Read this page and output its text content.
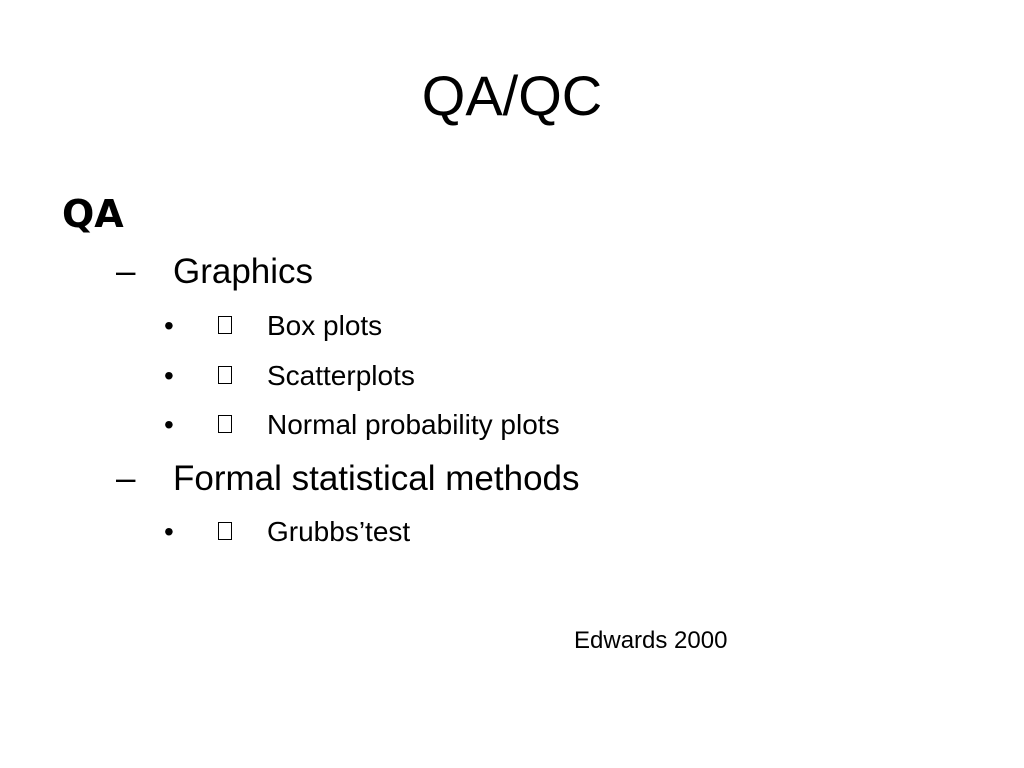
QA/QC
QA
– Graphics
•	Box plots
•	Scatterplots
•	Normal probability plots
– Formal statistical methods
•	Grubbs’test
Edwards 2000
